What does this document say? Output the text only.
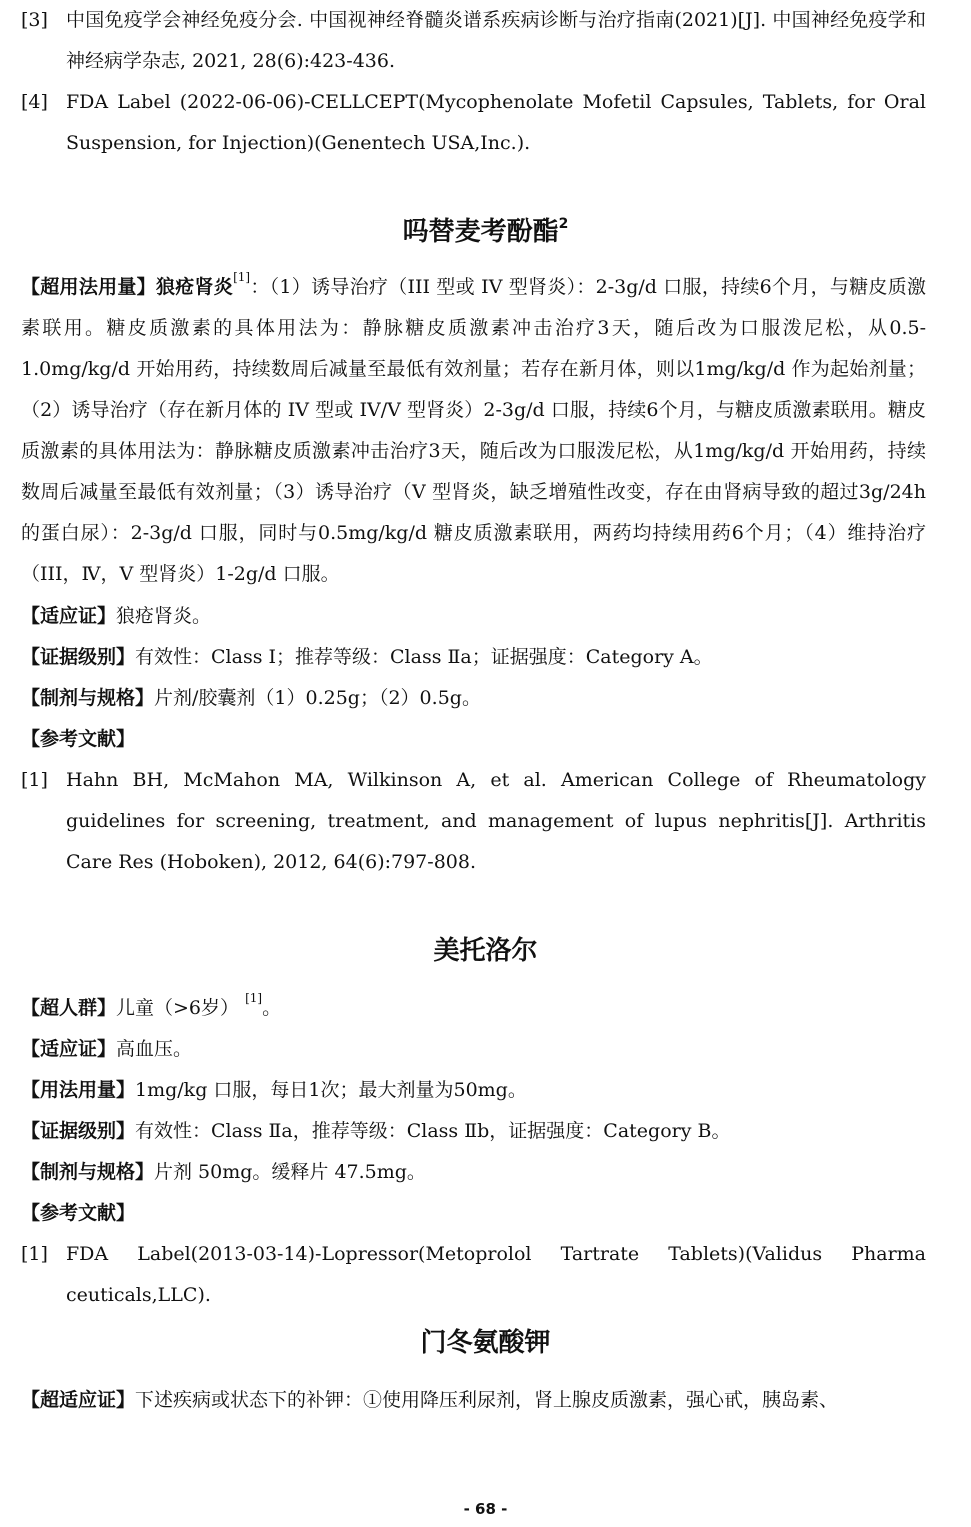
[3] 中国免疫学会神经免疫分会. 中国视神经脊髓炎谱系疾病诊断与治疗指南(2021)[J]. 中国神经免疫学和神经病学杂志, 2021, 28(6):423-436.
[4] FDA Label (2022-06-06)-CELLCEPT(Mycophenolate Mofetil Capsules, Tablets, for Oral Suspension, for Injection)(Genentech USA,Inc.).
吗替麦考酚酯$^2$
【超用法用量】狼疮肾炎[1]：（1）诱导治疗（III 型或 IV 型肾炎）：2-3g/d 口服，持续6个月，与糖皮质激素联用。糖皮质激素的具体用法为：静脉糖皮质激素冲击治疗3天，随后改为口服泼尼松，从0.5-1.0mg/kg/d 开始用药，持续数周后减量至最低有效剂量；若存在新月体，则以1mg/kg/d 作为起始剂量；（2）诱导治疗（存在新月体的 IV 型或 IV/V 型肾炎）2-3g/d 口服，持续6个月，与糖皮质激素联用。糖皮质激素的具体用法为：静脉糖皮质激素冲击治疗3天，随后改为口服泼尼松，从1mg/kg/d 开始用药，持续数周后减量至最低有效剂量；（3）诱导治疗（V 型肾炎，缺乏增殖性改变，存在由肾病导致的超过3g/24h 的蛋白尿）：2-3g/d 口服，同时与0.5mg/kg/d 糖皮质激素联用，两药均持续用药6个月；（4）维持治疗（III，Ⅳ，V 型肾炎）1-2g/d 口服。
【适应证】狼疮肾炎。
【证据级别】有效性：Class Ⅰ；推荐等级：Class Ⅱa；证据强度：Category A。
【制剂与规格】片剂/胶囊剂（1）0.25g；（2）0.5g。
【参考文献】
[1] Hahn BH, McMahon MA, Wilkinson A, et al. American College of Rheumatology guidelines for screening, treatment, and management of lupus nephritis[J]. Arthritis Care Res (Hoboken), 2012, 64(6):797-808.
美托洛尔
【超人群】儿童（>6岁） [1]。
【适应证】高血压。
【用法用量】1mg/kg 口服，每日1次；最大剂量为50mg。
【证据级别】有效性：Class Ⅱa，推荐等级：Class Ⅱb，证据强度：Category B。
【制剂与规格】片剂 50mg。缓释片 47.5mg。
【参考文献】
[1] FDA Label(2013-03-14)-Lopressor(Metoprolol Tartrate Tablets)(Validus Pharma ceuticals,LLC).
门冬氨酸钾
【超适应证】下述疾病或状态下的补钾：①使用降压利尿剂，肾上腺皮质激素，强心甙，胰岛素、
- 68 -
